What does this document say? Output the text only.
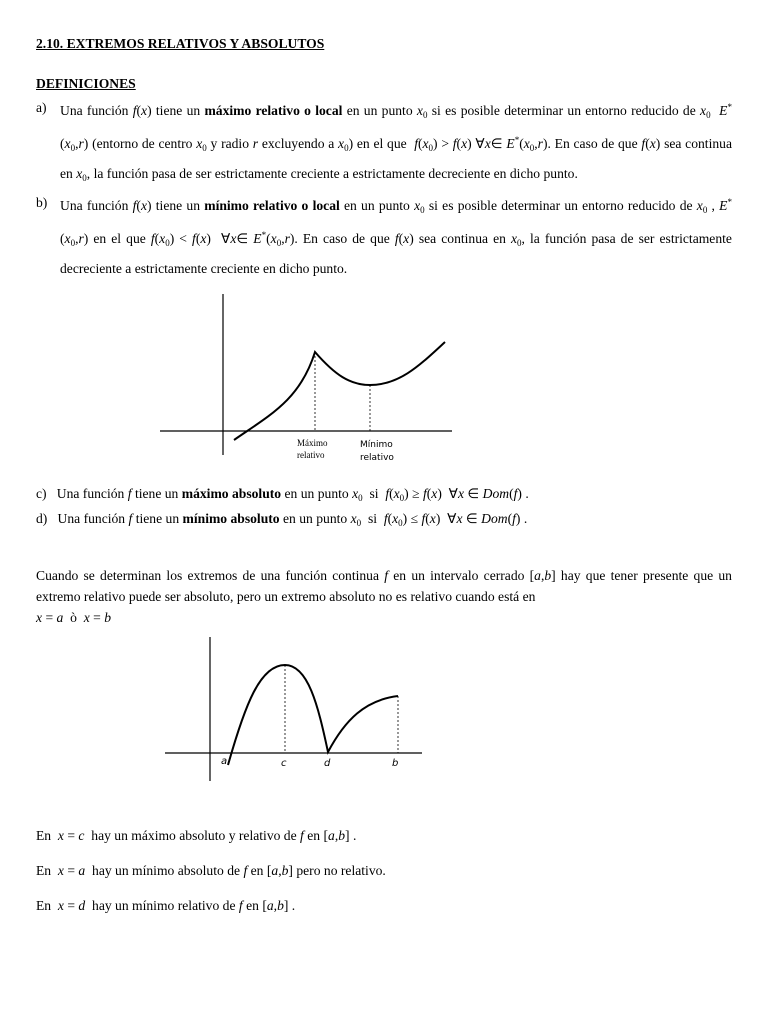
2.10. EXTREMOS RELATIVOS Y ABSOLUTOS
DEFINICIONES
a) Una función f(x) tiene un máximo relativo o local en un punto $x_0$ si es posible determinar un entorno reducido de $x_0$ $E^*(x_0,r)$ (entorno de centro $x_0$ y radio r excluyendo a $x_0$) en el que $f(x_0) > f(x)$ ∀x∈ $E^*(x_0,r)$. En caso de que f(x) sea continua en $x_0$, la función pasa de ser estrictamente creciente a estrictamente decreciente en dicho punto.
b) Una función f(x) tiene un mínimo relativo o local en un punto $x_0$ si es posible determinar un entorno reducido de $x_0$ , $E^*(x_0,r)$ en el que $f(x_0) < f(x)$  ∀x∈ $E^*(x_0,r)$. En caso de que f(x) sea continua en $x_0$, la función pasa de ser estrictamente decreciente a estrictamente creciente en dicho punto.
Máximo
relativo
Mínimo
relativo
c) Una función f tiene un máximo absoluto en un punto $x_0$ si $f(x_0) \ge f(x)$  ∀x ∈ Dom(f) .
d) Una función f tiene un mínimo absoluto en un punto $x_0$ si $f(x_0) \le f(x)$  ∀x ∈ Dom(f) .
Cuando se determinan los extremos de una función continua f en un intervalo cerrado [a,b] hay que tener presente que un extremo relativo puede ser absoluto, pero un extremo absoluto no es relativo cuando está en
x = a ò x = b
a	c	d	b
En x = c hay un máximo absoluto y relativo de f en [a,b] .
En x = a hay un mínimo absoluto de f en [a,b] pero no relativo.
En x = d hay un mínimo relativo de f en [a,b] .
